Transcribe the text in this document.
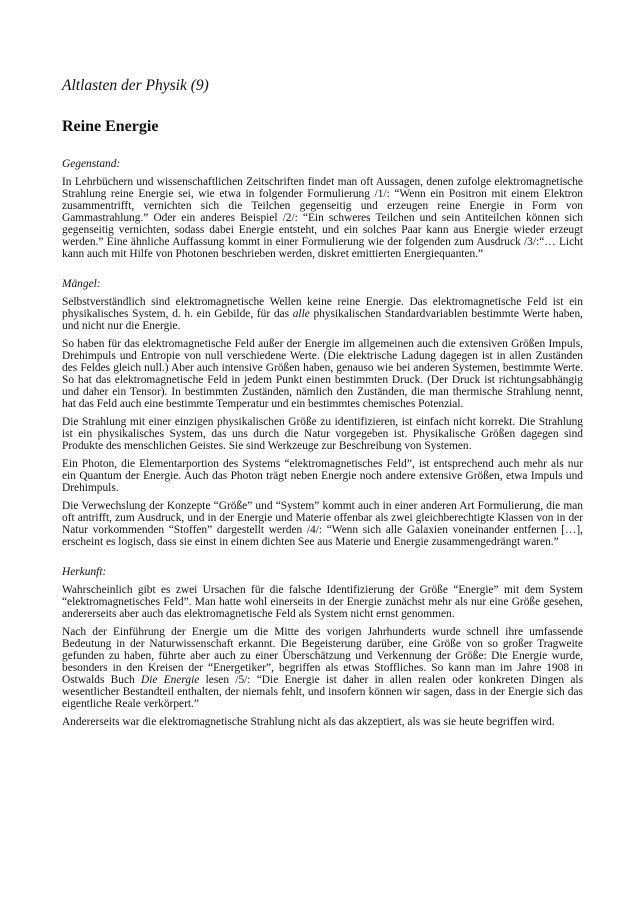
Altlasten der Physik (9)
Reine Energie
Gegenstand:
In Lehrbüchern und wissenschaftlichen Zeitschriften findet man oft Aussagen, denen zufolge elektromagnetische Strahlung reine Energie sei, wie etwa in folgender Formulierung /1/: “Wenn ein Positron mit einem Elektron zusammentrifft, vernichten sich die Teilchen gegenseitig und erzeugen reine Energie in Form von Gammastrahlung.” Oder ein anderes Beispiel /2/: “Ein schweres Teilchen und sein Antiteilchen können sich gegenseitig vernichten, sodass dabei Energie entsteht, und ein solches Paar kann aus Energie wieder erzeugt werden.” Eine ähnliche Auffassung kommt in einer Formulierung wie der folgenden zum Ausdruck /3/:“… Licht kann auch mit Hilfe von Photonen beschrieben werden, diskret emittierten Energiequanten.”
Mängel:
Selbstverständlich sind elektromagnetische Wellen keine reine Energie. Das elektromagnetische Feld ist ein physikalisches System, d. h. ein Gebilde, für das alle physikalischen Standardvariablen bestimmte Werte haben, und nicht nur die Energie.
So haben für das elektromagnetische Feld außer der Energie im allgemeinen auch die extensiven Größen Impuls, Drehimpuls und Entropie von null verschiedene Werte. (Die elektrische Ladung dagegen ist in allen Zuständen des Feldes gleich null.) Aber auch intensive Größen haben, genauso wie bei anderen Systemen, bestimmte Werte. So hat das elektromagnetische Feld in jedem Punkt einen bestimmten Druck. (Der Druck ist richtungsabhängig und daher ein Tensor). In bestimmten Zuständen, nämlich den Zuständen, die man thermische Strahlung nennt, hat das Feld auch eine bestimmte Temperatur und ein bestimmtes chemisches Potenzial.
Die Strahlung mit einer einzigen physikalischen Größe zu identifizieren, ist einfach nicht korrekt. Die Strahlung ist ein physikalisches System, das uns durch die Natur vorgegeben ist. Physikalische Größen dagegen sind Produkte des menschlichen Geistes. Sie sind Werkzeuge zur Beschreibung von Systemen.
Ein Photon, die Elementarportion des Systems “elektromagnetisches Feld”, ist entsprechend auch mehr als nur ein Quantum der Energie. Auch das Photon trägt neben Energie noch andere extensive Größen, etwa Impuls und Drehimpuls.
Die Verwechslung der Konzepte “Größe” und “System” kommt auch in einer anderen Art Formulierung, die man oft antrifft, zum Ausdruck, und in der Energie und Materie offenbar als zwei gleichberechtigte Klassen von in der Natur vorkommenden “Stoffen” dargestellt werden /4/: “Wenn sich alle Galaxien voneinander entfernen […], erscheint es logisch, dass sie einst in einem dichten See aus Materie und Energie zusammengedrängt waren.”
Herkunft:
Wahrscheinlich gibt es zwei Ursachen für die falsche Identifizierung der Größe “Energie” mit dem System “elektromagnetisches Feld”. Man hatte wohl einerseits in der Energie zunächst mehr als nur eine Größe gesehen, andererseits aber auch das elektromagnetische Feld als System nicht ernst genommen.
Nach der Einführung der Energie um die Mitte des vorigen Jahrhunderts wurde schnell ihre umfassende Bedeutung in der Naturwissenschaft erkannt. Die Begeisterung darüber, eine Größe von so großer Tragweite gefunden zu haben, führte aber auch zu einer Überschätzung und Verkennung der Größe: Die Energie wurde, besonders in den Kreisen der “Energetiker”, begriffen als etwas Stoffliches. So kann man im Jahre 1908 in Ostwalds Buch Die Energie lesen /5/: “Die Energie ist daher in allen realen oder konkreten Dingen als wesentlicher Bestandteil enthalten, der niemals fehlt, und insofern können wir sagen, dass in der Energie sich das eigentliche Reale verkörpert.”
Andererseits war die elektromagnetische Strahlung nicht als das akzeptiert, als was sie heute begriffen wird.
